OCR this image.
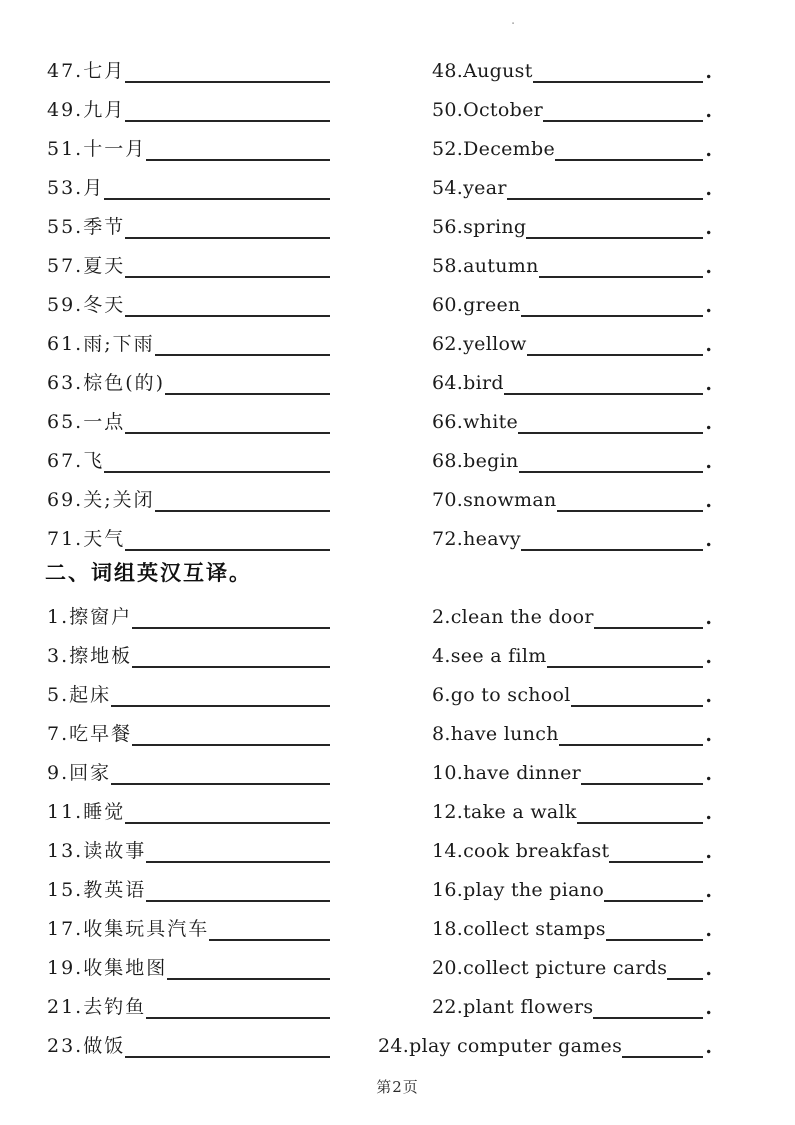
·
47.七月	48.August	.
49.九月	50.October	.
51.十一月	52.Decembe	.
53.月	54.year	.
55.季节	56.spring	.
57.夏天	58.autumn	.
59.冬天	60.green	.
61.雨;下雨	62.yellow	.
63.棕色(的)	64.bird	.
65.一点	66.white	.
67.飞	68.begin	.
69.关;关闭	70.snowman	.
71.天气	72.heavy	.
二、词组英汉互译。
1.擦窗户	2.clean the door	.
3.擦地板	4.see a film	.
5.起床	6.go to school	.
7.吃早餐	8.have lunch	.
9.回家	10.have dinner	.
11.睡觉	12.take a walk	.
13.读故事	14.cook breakfast	.
15.教英语	16.play the piano	.
17.收集玩具汽车	18.collect stamps	.
19.收集地图	20.collect picture cards .
21.去钓鱼	22.plant flowers	.
23.做饭	24.play computer games	.
第2页
